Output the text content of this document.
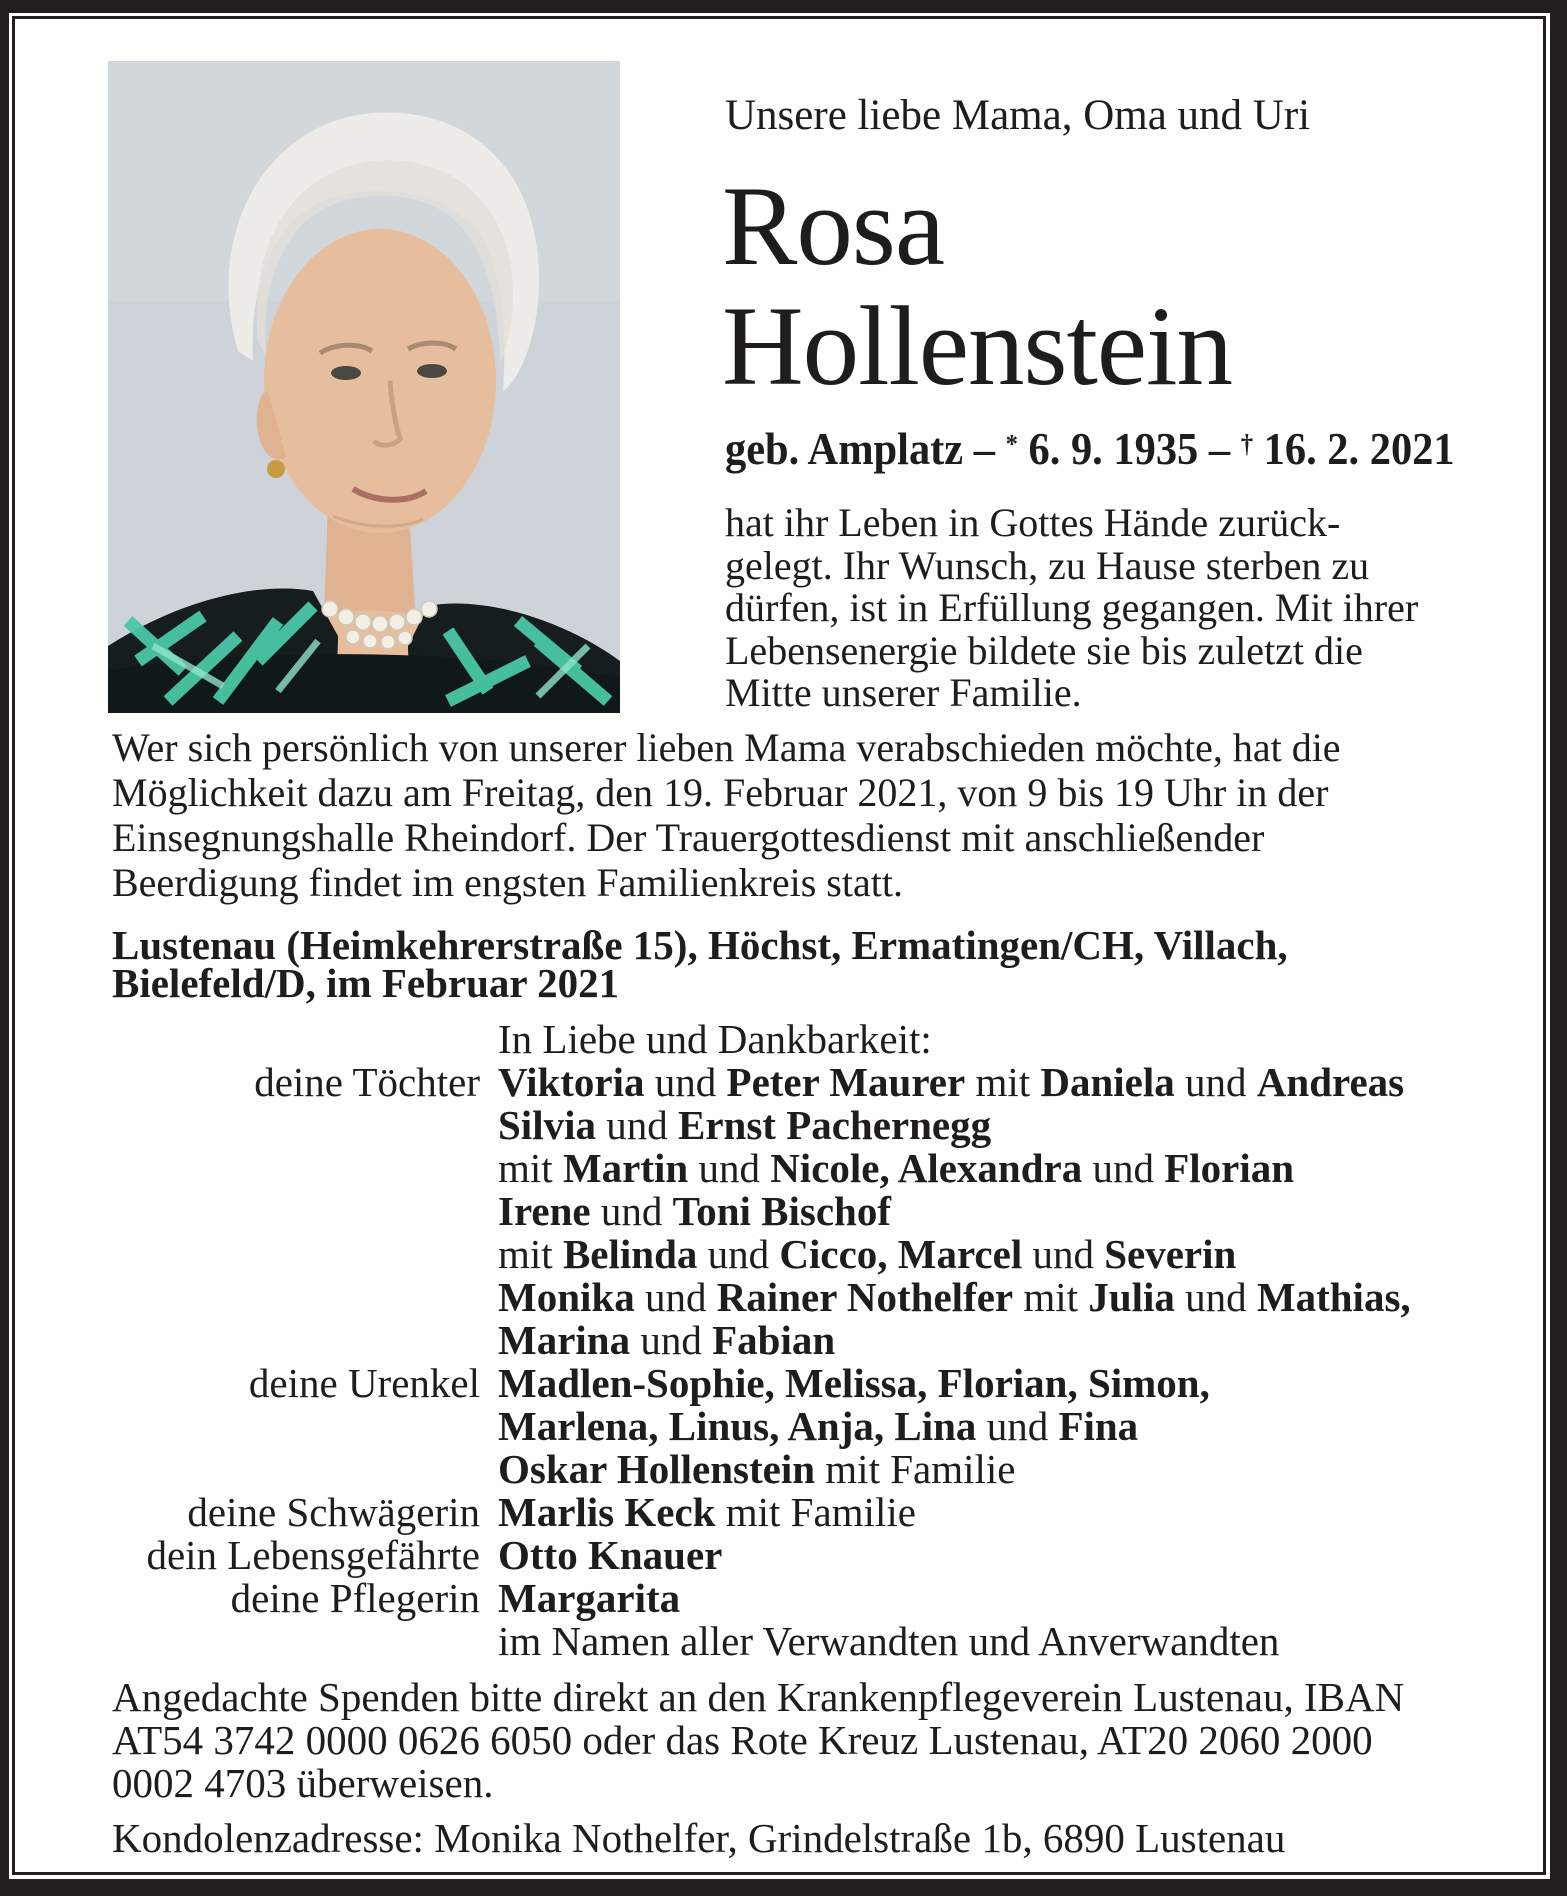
Unsere liebe Mama, Oma und Uri
Rosa
Hollenstein
geb. Amplatz – * 6. 9. 1935 – † 16. 2. 2021
hat ihr Leben in Gottes Hände zurück-
gelegt. Ihr Wunsch, zu Hause sterben zu
dürfen, ist in Erfüllung gegangen. Mit ihrer
Lebensenergie bildete sie bis zuletzt die
Mitte unserer Familie.
Wer sich persönlich von unserer lieben Mama verabschieden möchte, hat die
Möglichkeit dazu am Freitag, den 19. Februar 2021, von 9 bis 19 Uhr in der
Einsegnungshalle Rheindorf. Der Trauergottesdienst mit anschließender
Beerdigung findet im engsten Familienkreis statt.
Lustenau (Heimkehrerstraße 15), Höchst, Ermatingen/CH, Villach,
Bielefeld/D, im Februar 2021
In Liebe und Dankbarkeit:
deine Töchter Viktoria und Peter Maurer mit Daniela und Andreas
Silvia und Ernst Pachernegg
mit Martin und Nicole, Alexandra und Florian
Irene und Toni Bischof
mit Belinda und Cicco, Marcel und Severin
Monika und Rainer Nothelfer mit Julia und Mathias,
Marina und Fabian
deine Urenkel Madlen-Sophie, Melissa, Florian, Simon,
Marlena, Linus, Anja, Lina und Fina
Oskar Hollenstein mit Familie
deine Schwägerin Marlis Keck mit Familie
dein Lebensgefährte Otto Knauer
deine Pflegerin Margarita
im Namen aller Verwandten und Anverwandten
Angedachte Spenden bitte direkt an den Krankenpflegeverein Lustenau, IBAN
AT54 3742 0000 0626 6050 oder das Rote Kreuz Lustenau, AT20 2060 2000
0002 4703 überweisen.
Kondolenzadresse: Monika Nothelfer, Grindelstraße 1b, 6890 Lustenau
